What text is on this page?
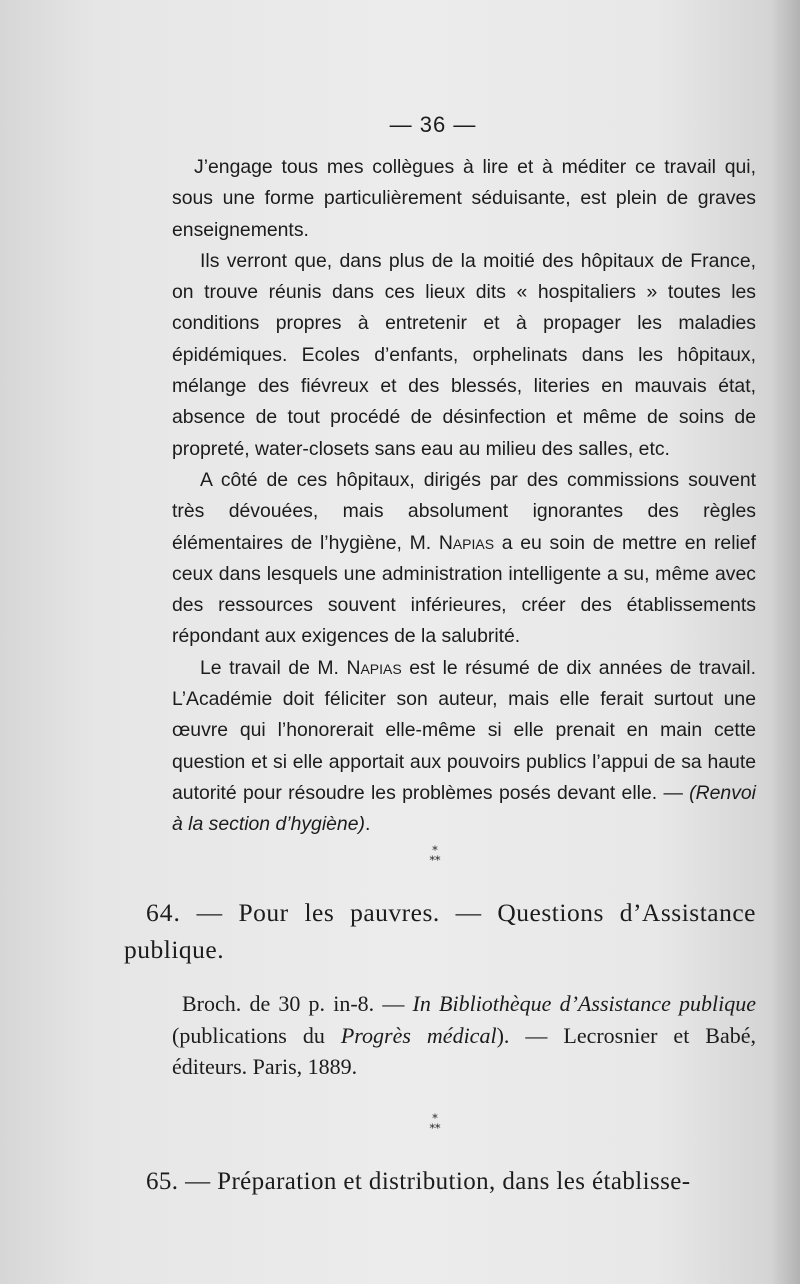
— 36 —

J’engage tous mes collègues à lire et à méditer ce travail qui, sous une forme particulièrement séduisante, est plein de graves enseignements.

Ils verront que, dans plus de la moitié des hôpitaux de France, on trouve réunis dans ces lieux dits « hospitaliers » toutes les conditions propres à entretenir et à propager les maladies épidémiques. Ecoles d’enfants, orphelinats dans les hôpitaux, mélange des fiévreux et des blessés, literies en mauvais état, absence de tout procédé de désinfection et même de soins de propreté, water-closets sans eau au milieu des salles, etc.

A côté de ces hôpitaux, dirigés par des commissions souvent très dévouées, mais absolument ignorantes des règles élémentaires de l’hygiène, M. Napias a eu soin de mettre en relief ceux dans lesquels une administration intelligente a su, même avec des ressources souvent inférieures, créer des établissements répondant aux exigences de la salubrité.

Le travail de M. Napias est le résumé de dix années de travail. L’Académie doit féliciter son auteur, mais elle ferait surtout une œuvre qui l’honorerait elle-même si elle prenait en main cette question et si elle apportait aux pouvoirs publics l’appui de sa haute autorité pour résoudre les problèmes posés devant elle. — (Renvoi à la section d’hygiène).

*
**
64. — Pour les pauvres. — Questions d’Assistance publique.
Broch. de 30 p. in-8. — In Bibliothèque d’Assistance publique (publications du Progrès médical). — Lecrosnier et Babé, éditeurs. Paris, 1889.
*
**
65. — Préparation et distribution, dans les établisse-
